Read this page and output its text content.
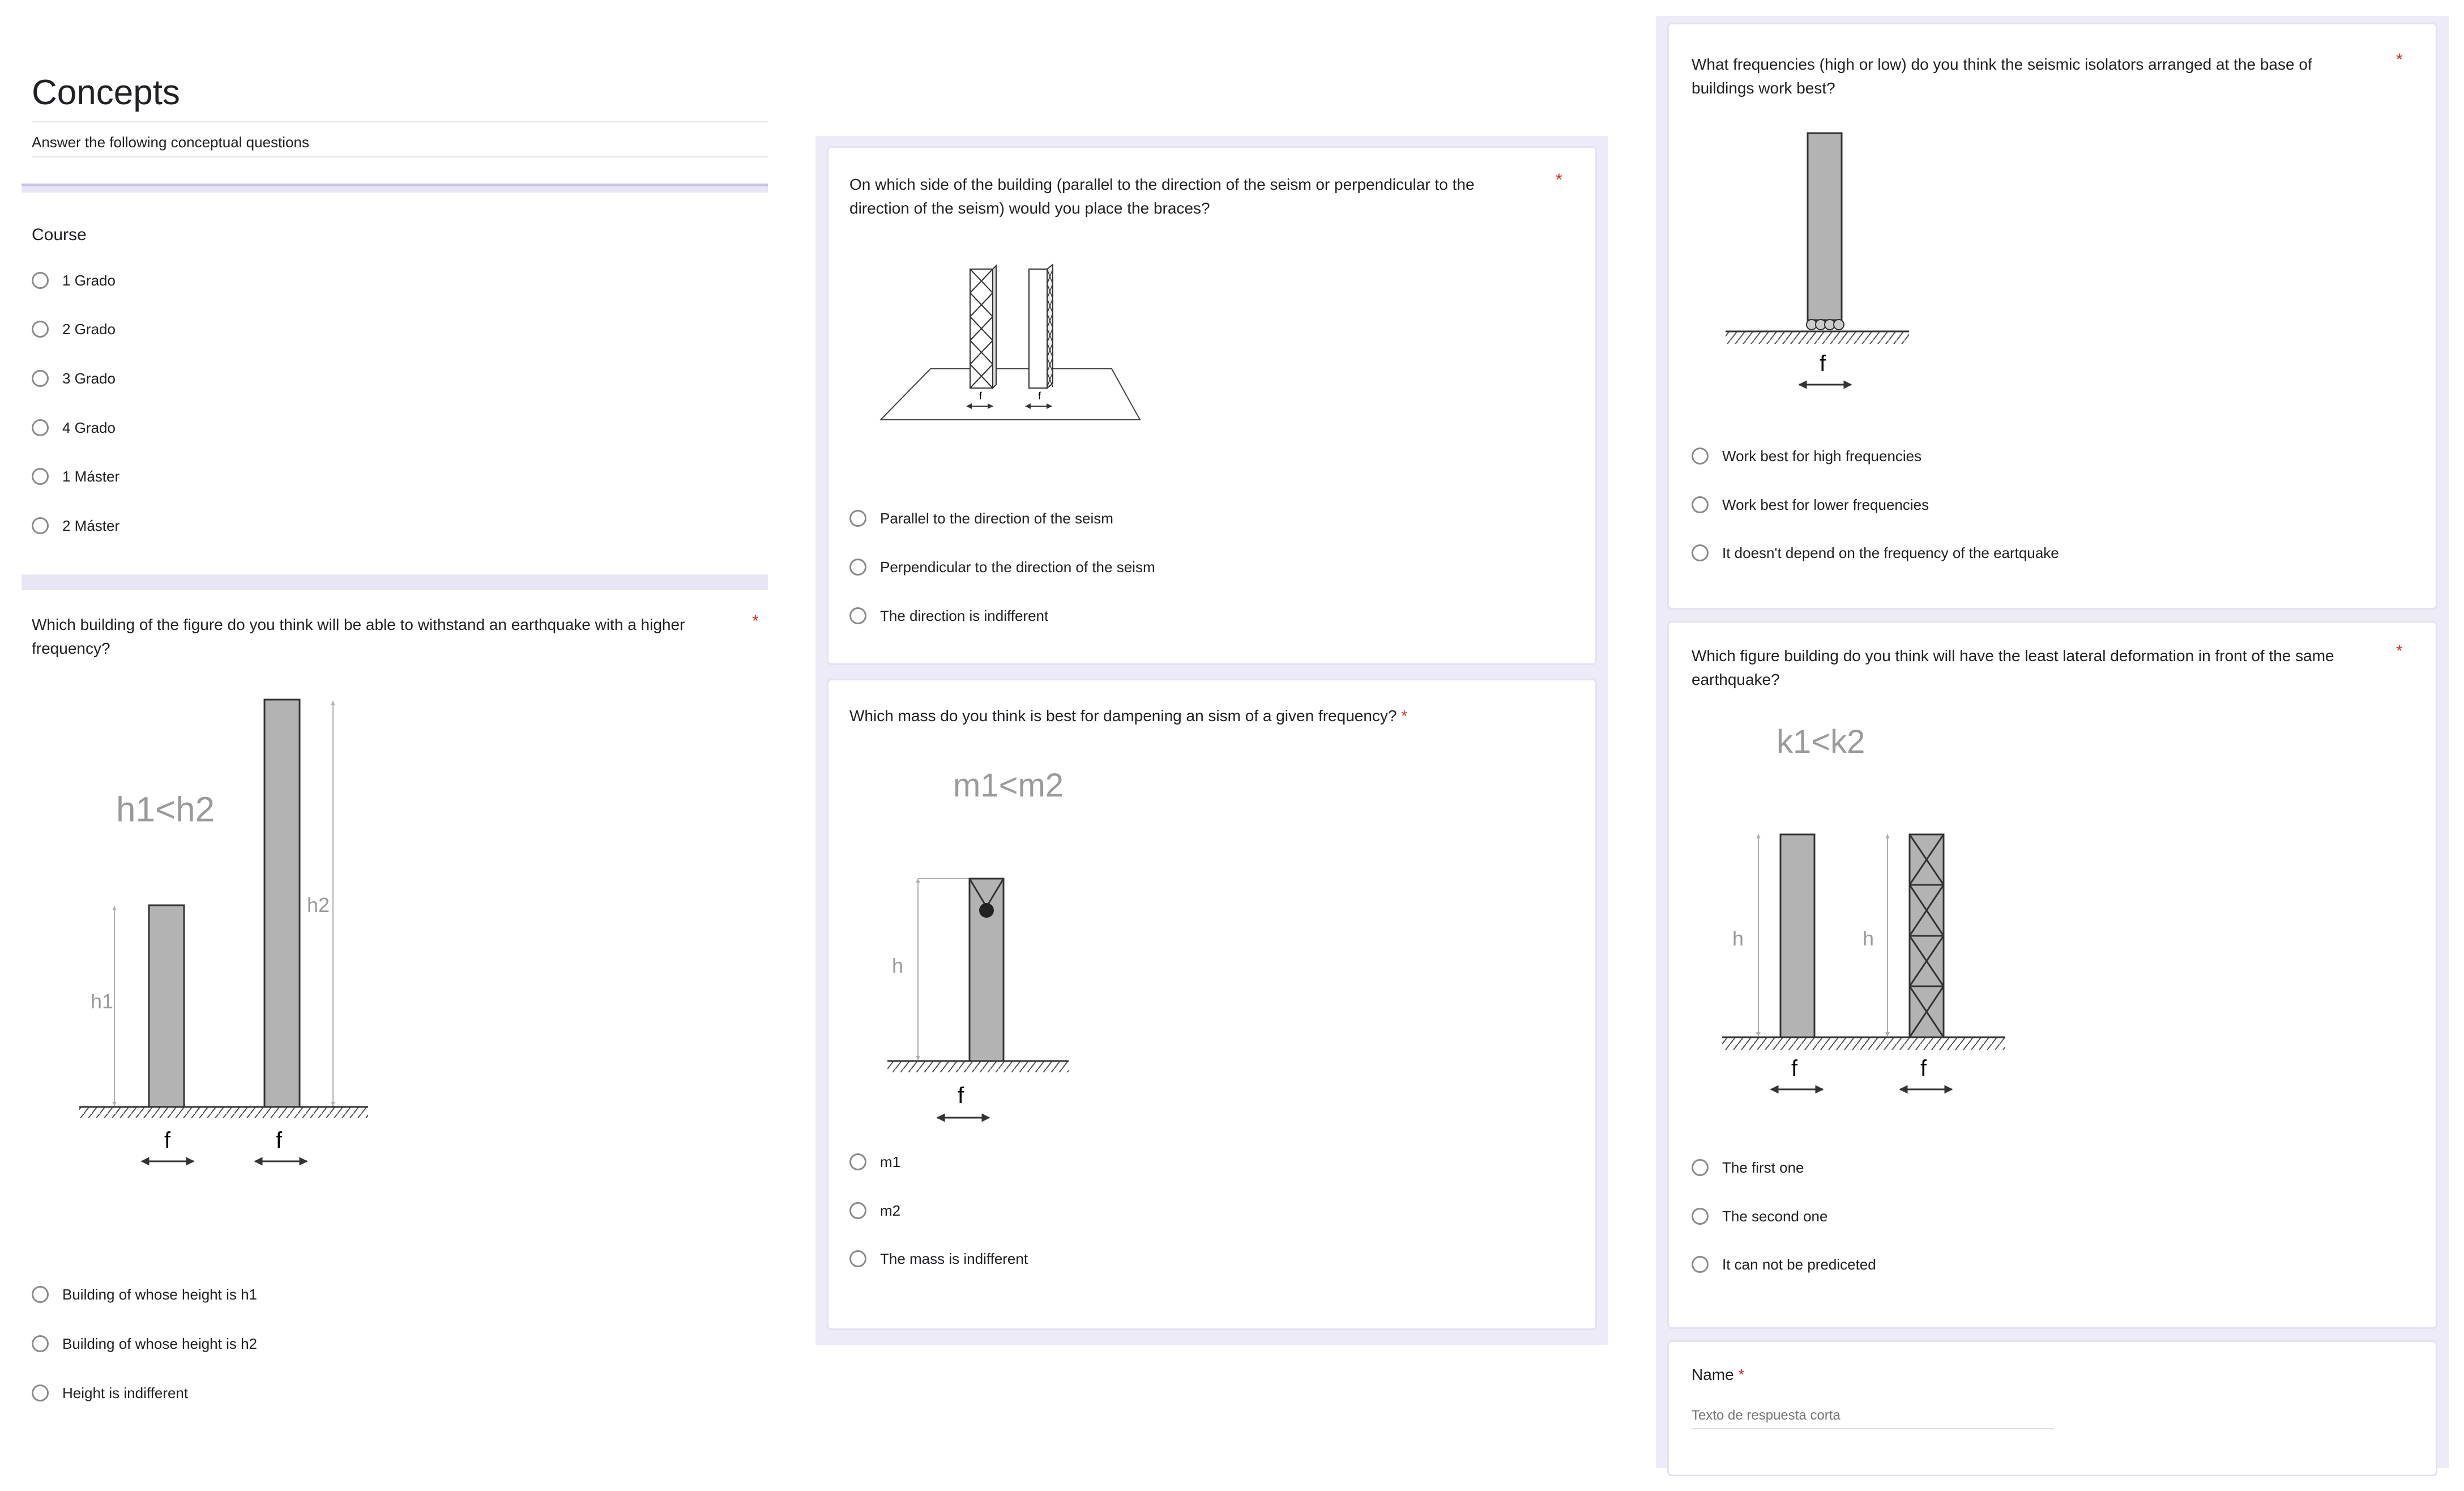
Concepts
Answer the following conceptual questions
Course
1 Grado
2 Grado
3 Grado
4 Grado
1 Máster
2 Máster
Which building of the figure do you think will be able to withstand an earthquake with a higher frequency?
*
h1<h2
h1
h2
f	f
Building of whose height is h1
Building of whose height is h2
Height is indifferent
On which side of the building (parallel to the direction of the seism or perpendicular to the direction of the seism) would you place the braces?
*
f	f
Parallel to the direction of the seism
Perpendicular to the direction of the seism
The direction is indifferent
Which mass do you think is best for dampening an sism of a given frequency? *
m1<m2
h
f
m1
m2
The mass is indifferent
What frequencies (high or low) do you think the seismic isolators arranged at the base of buildings work best?
*
f
Work best for high frequencies
Work best for lower frequencies
It doesn't depend on the frequency of the eartquake
Which figure building do you think will have the least lateral deformation in front of the same earthquake?
*
k1<k2
h	h
f	f
The first one
The second one
It can not be prediceted
Name *
Texto de respuesta corta
